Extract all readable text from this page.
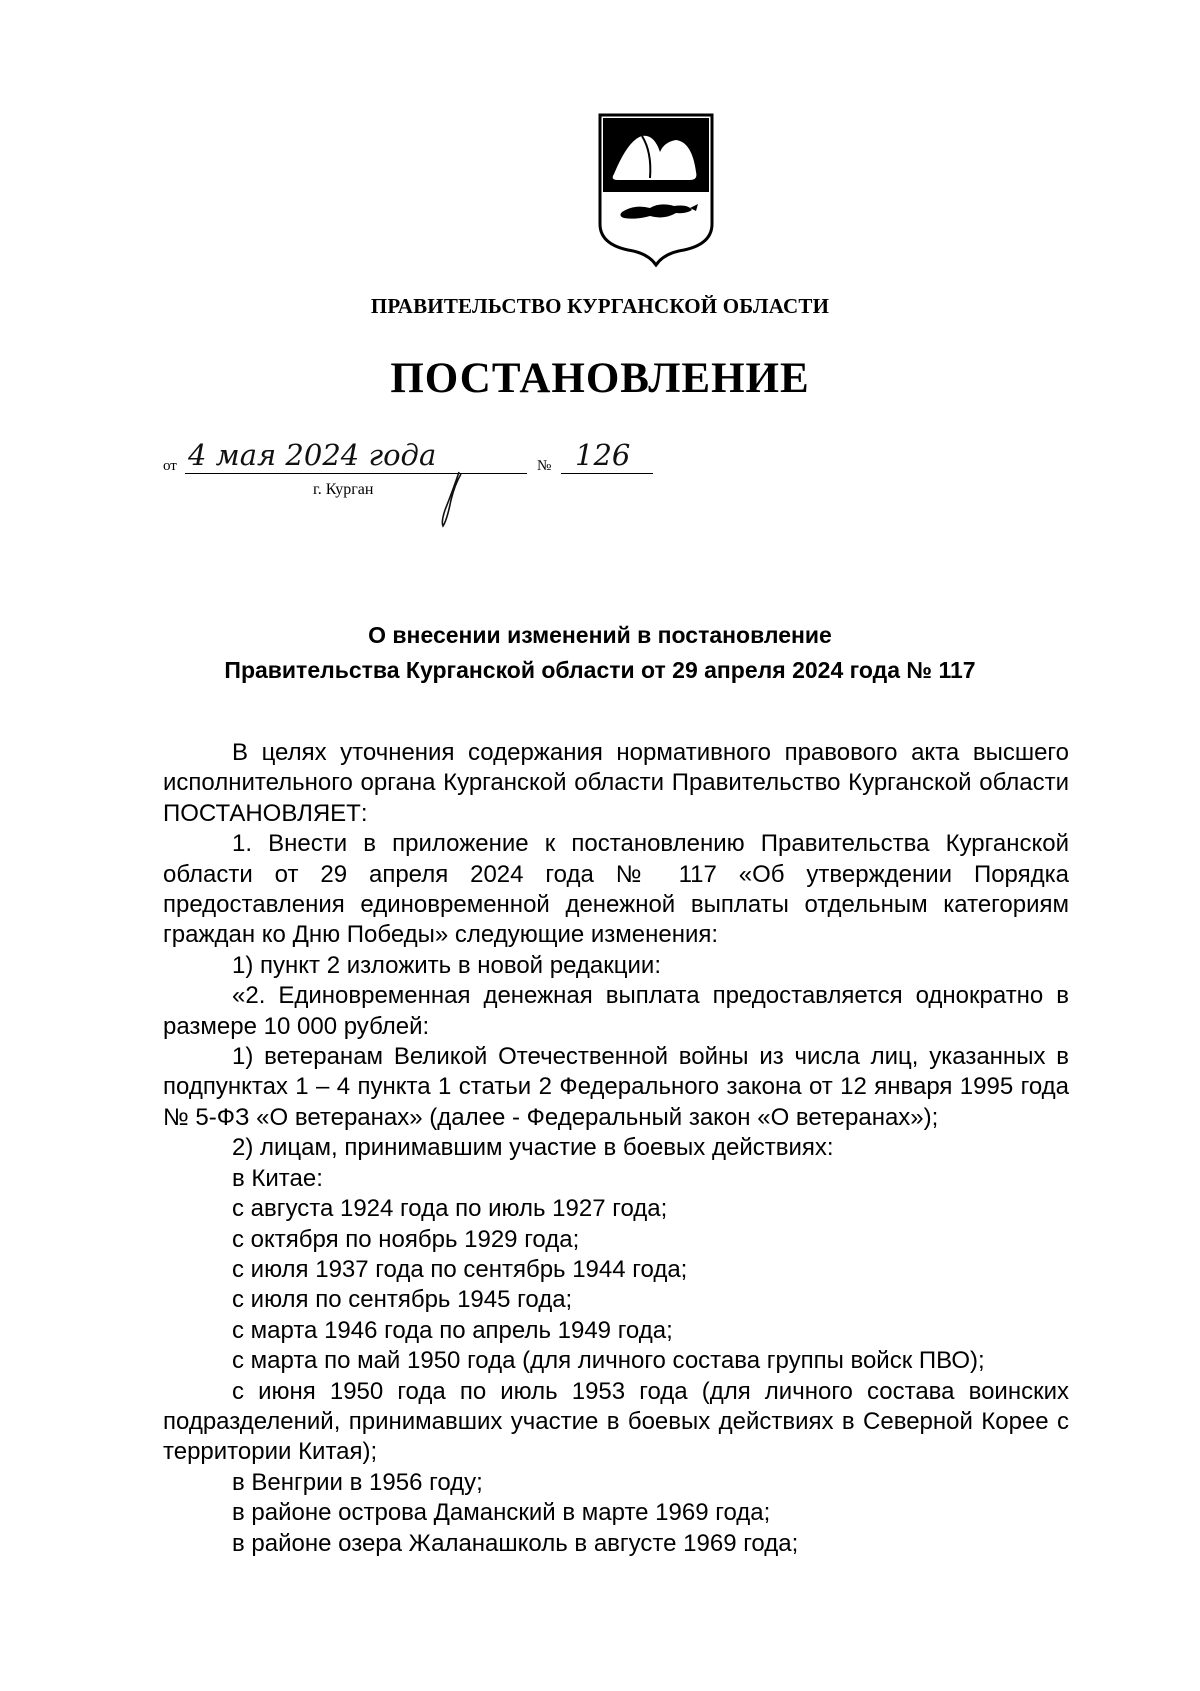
ПРАВИТЕЛЬСТВО КУРГАНСКОЙ ОБЛАСТИ
ПОСТАНОВЛЕНИЕ
от 4 мая 2024 года	№ 126
г. Курган
О внесении изменений в постановление
Правительства Курганской области от 29 апреля 2024 года № 117

В целях уточнения содержания нормативного правового акта высшего исполнительного органа Курганской области Правительство Курганской области ПОСТАНОВЛЯЕТ:

1. Внести в приложение к постановлению Правительства Курганской области от 29 апреля 2024 года № 117 «Об утверждении Порядка предоставления единовременной денежной выплаты отдельным категориям граждан ко Дню Победы» следующие изменения:

1) пункт 2 изложить в новой редакции:

«2. Единовременная денежная выплата предоставляется однократно в размере 10 000 рублей:

1) ветеранам Великой Отечественной войны из числа лиц, указанных в подпунктах 1 – 4 пункта 1 статьи 2 Федерального закона от 12 января 1995 года № 5-ФЗ «О ветеранах» (далее - Федеральный закон «О ветеранах»);

2) лицам, принимавшим участие в боевых действиях:

в Китае:

с августа 1924 года по июль 1927 года;

с октября по ноябрь 1929 года;

с июля 1937 года по сентябрь 1944 года;

с июля по сентябрь 1945 года;

с марта 1946 года по апрель 1949 года;

с марта по май 1950 года (для личного состава группы войск ПВО);

с июня 1950 года по июль 1953 года (для личного состава воинских подразделений, принимавших участие в боевых действиях в Северной Корее с территории Китая);

в Венгрии в 1956 году;

в районе острова Даманский в марте 1969 года;

в районе озера Жаланашколь в августе 1969 года;
